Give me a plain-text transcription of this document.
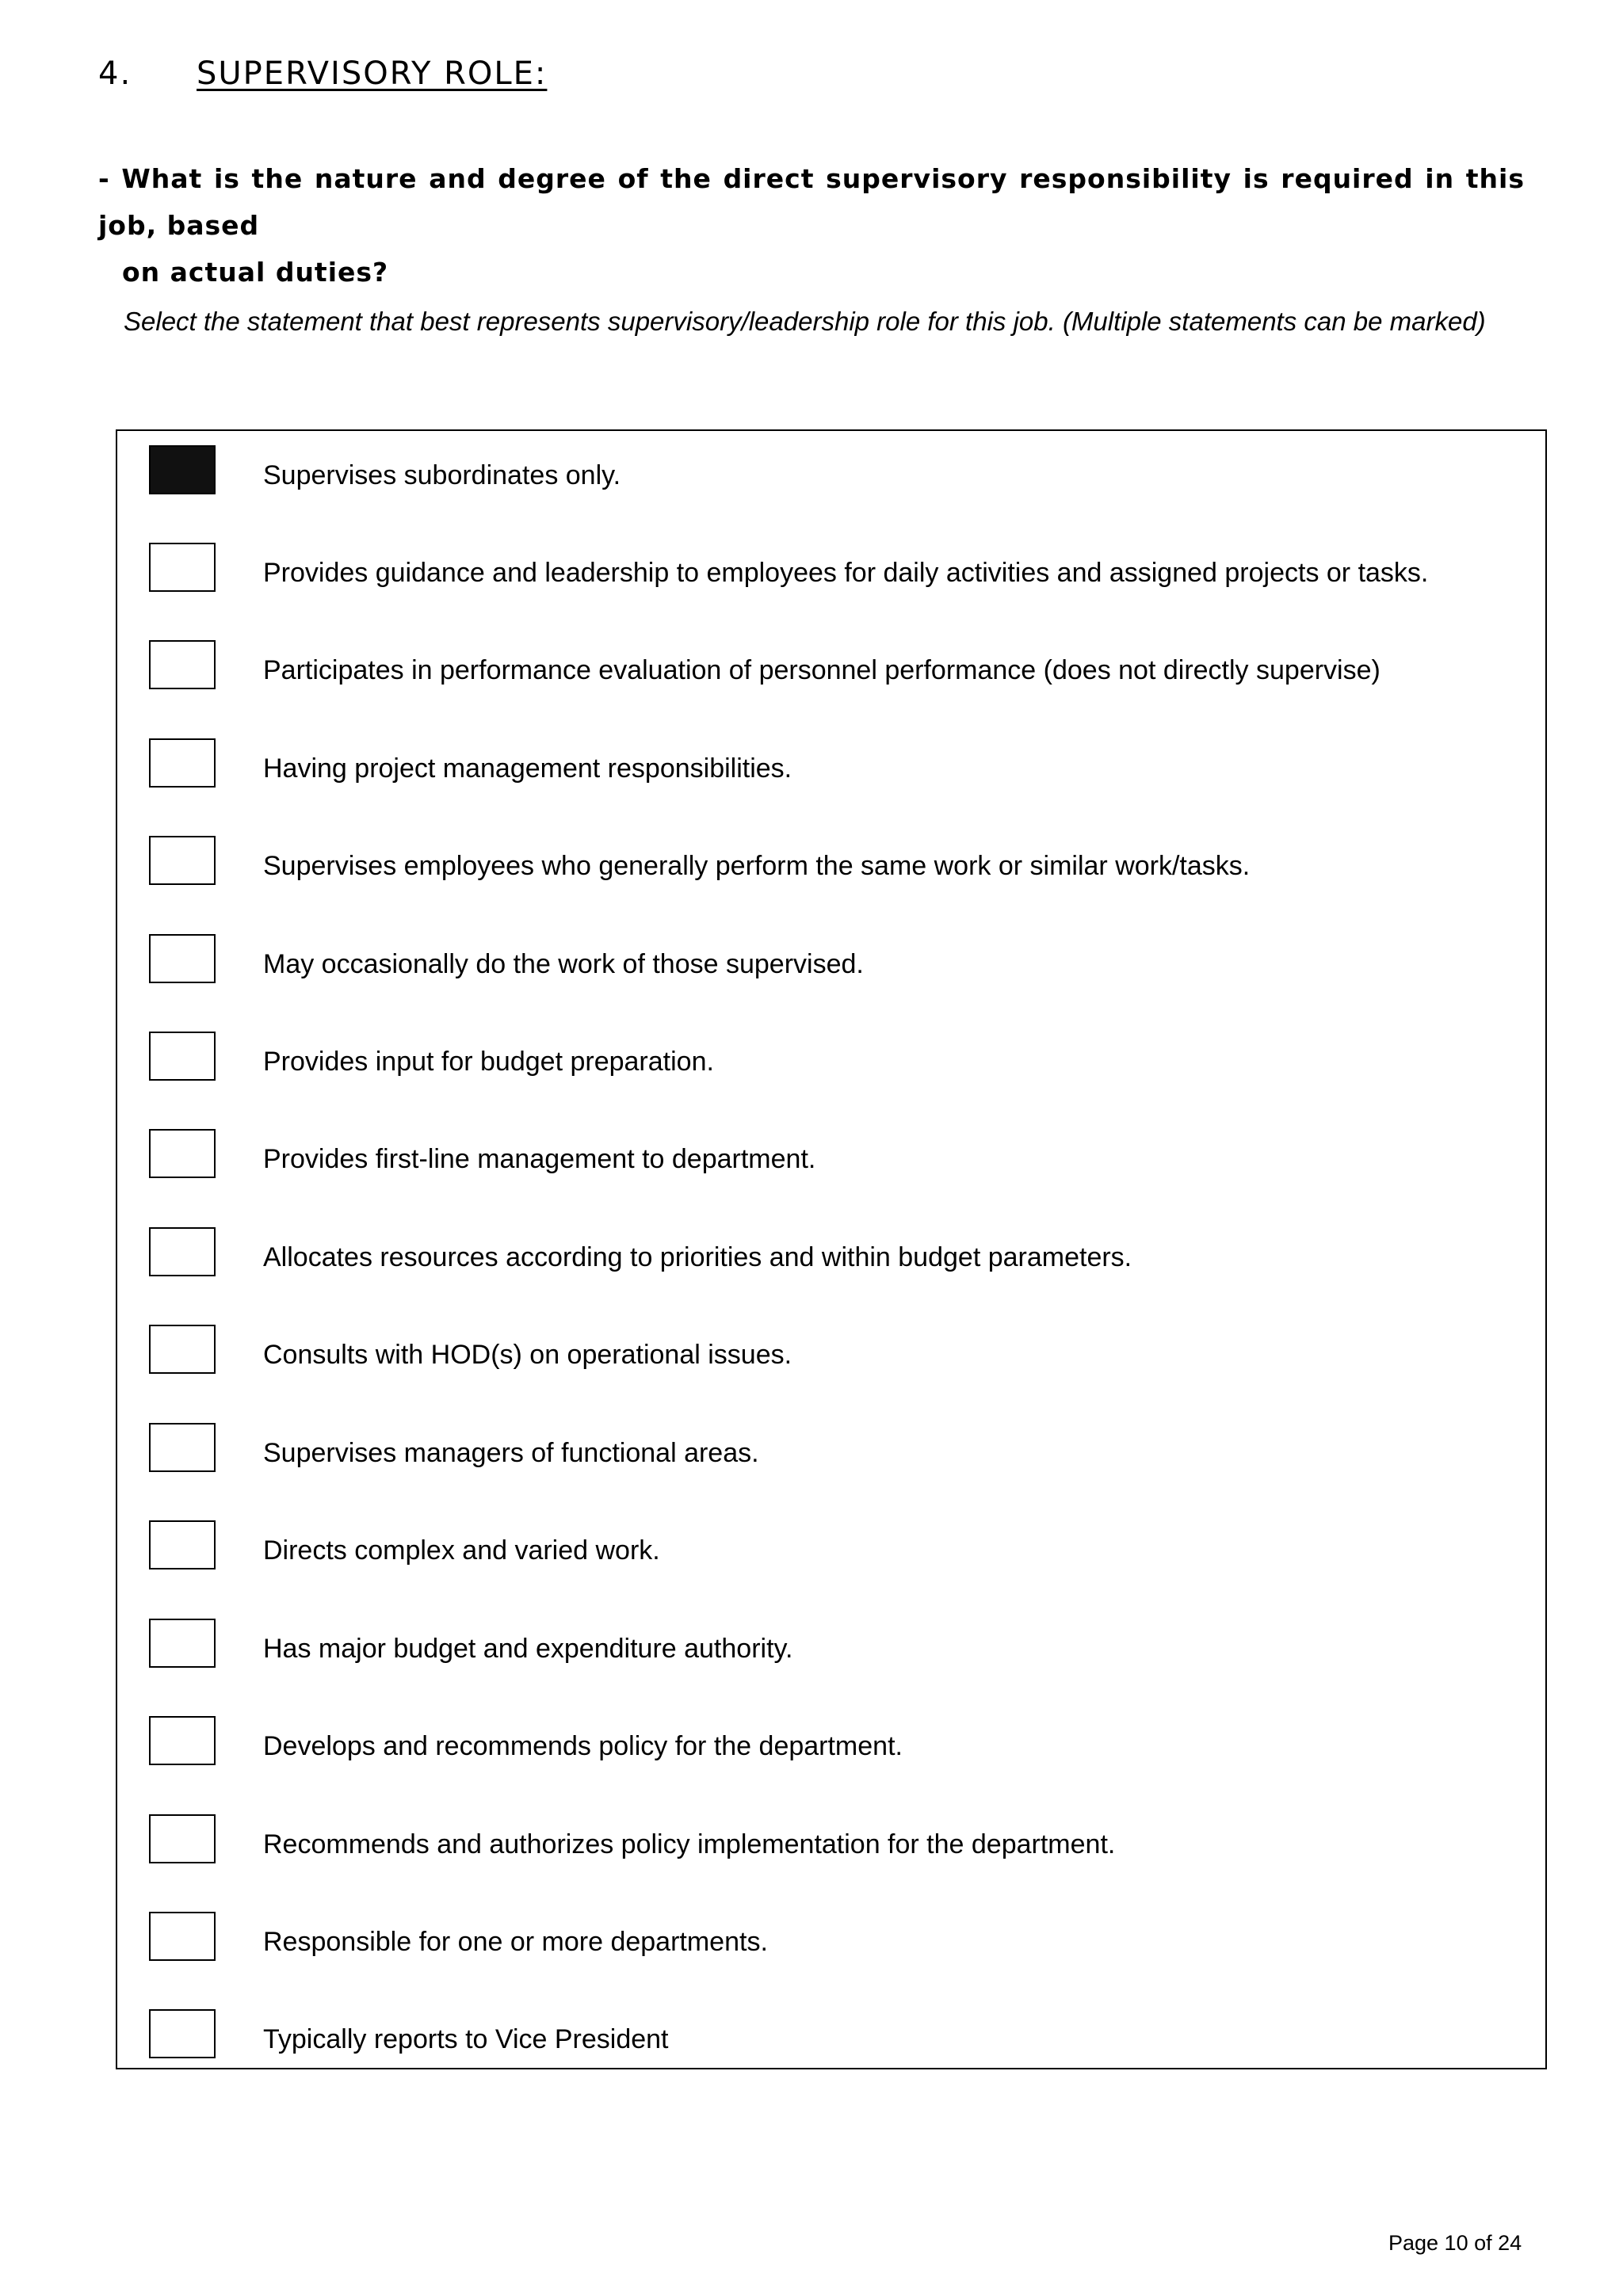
4. SUPERVISORY ROLE:
- What is the nature and degree of the direct supervisory responsibility is required in this job, based
on actual duties?
Select the statement that best represents supervisory/leadership role for this job. (Multiple statements can be marked)
Supervises subordinates only.
Provides guidance and leadership to employees for daily activities and assigned projects or tasks.
Participates in performance evaluation of personnel performance (does not directly supervise)
Having project management responsibilities.
Supervises employees who generally perform the same work or similar work/tasks.
May occasionally do the work of those supervised.
Provides input for budget preparation.
Provides first-line management to department.
Allocates resources according to priorities and within budget parameters.
Consults with HOD(s) on operational issues.
Supervises managers of functional areas.
Directs complex and varied work.
Has major budget and expenditure authority.
Develops and recommends policy for the department.
Recommends and authorizes policy implementation for the department.
Responsible for one or more departments.
Typically reports to Vice President
Page 10 of 24
